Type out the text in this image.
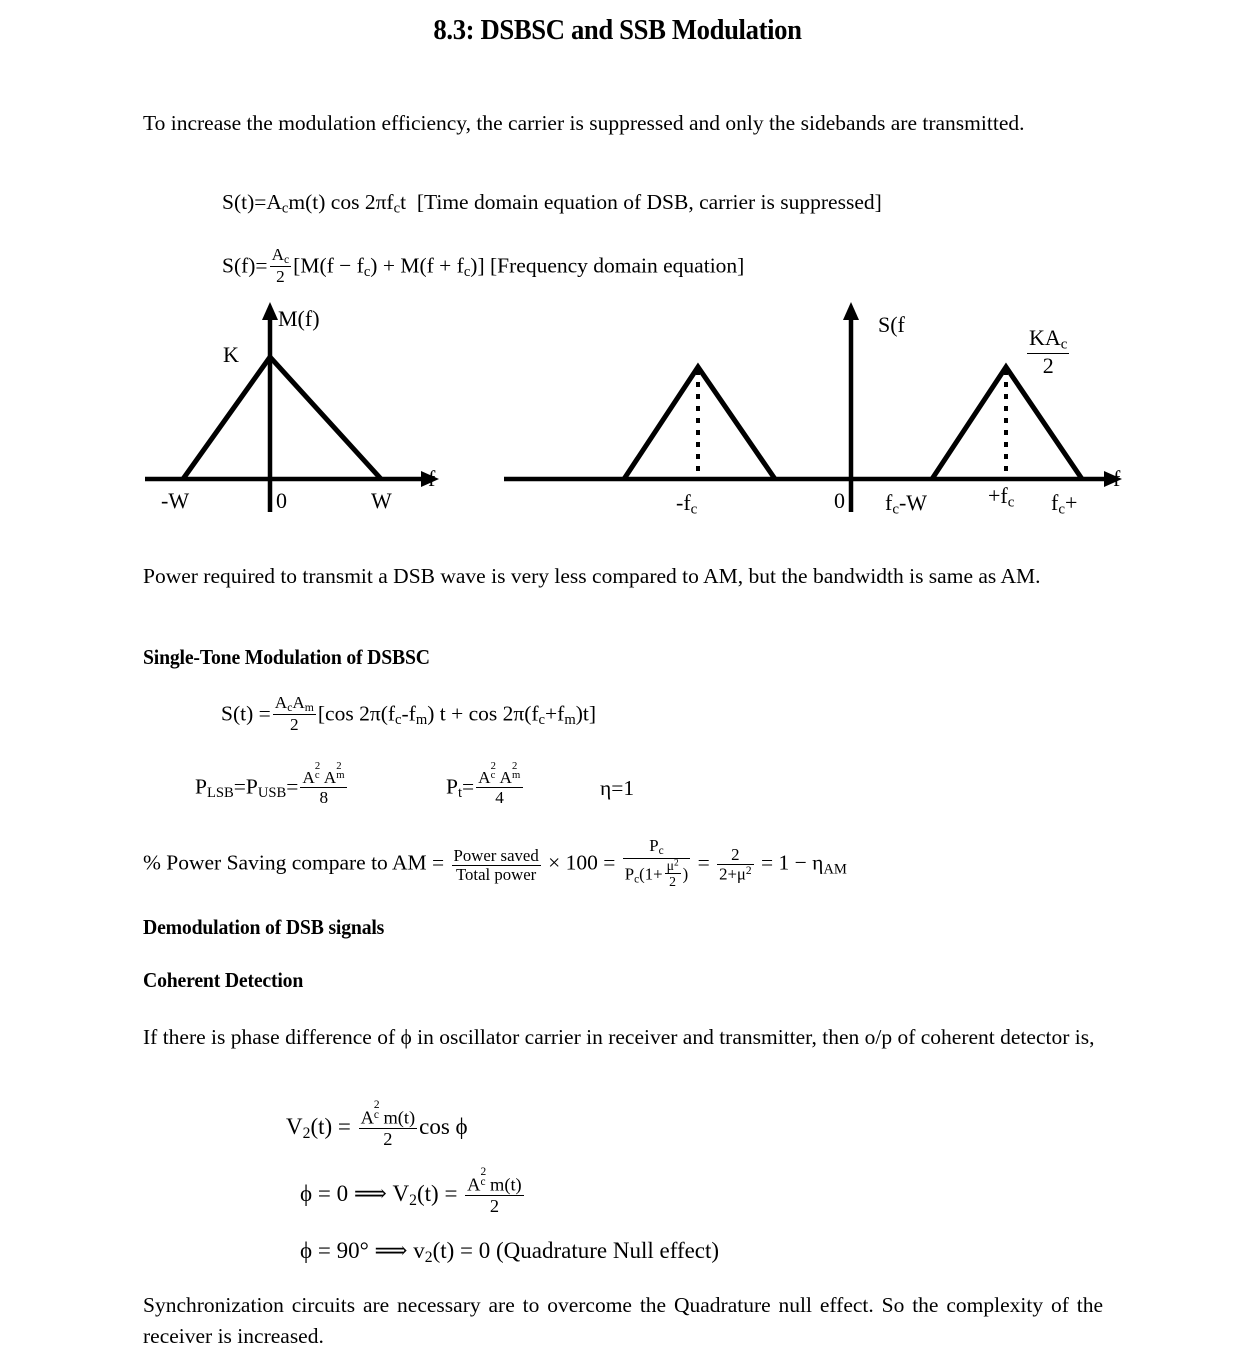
8.3: DSBSC and SSB Modulation

To increase the modulation efficiency, the carrier is suppressed and only the sidebands are transmitted.

$S(t)=A_cm(t)$ $\cos 2\pi f_ct$ [Time domain equation of DSB, carrier is suppressed]
$S(f)= \frac{A_c}{2} [M(f - f_c) + M(f + f_c)]$ [Frequency domain equation]
M(f)
f
K
-W	0	W
S(f
f
$\frac{KA_c}{2}$
$-f_c$	0 $f_c-W$	$+f_c$ $f_c+$

Power required to transmit a DSB wave is very less compared to AM, but the bandwidth is same as AM.

Single-Tone Modulation of DSBSC

$S(t) = \frac{A_cA_m}{2} [\cos$ $2\pi(f_c-f_m) t + \cos 2\pi(f_c+f_m)t$]
$P_{LSB}=P_{USB}= A$ c
2
A m
2
8	$P_t= A$ c
2
A m
2
4	η=1
% Power Saving compare to AM = $\frac{\text{Power saved}}{\text{Total power}} \times 100 = \frac{P_c}{P_c(1+ \frac{\mu^2}{2} )} = \frac{2}{2+\mu^2} = 1 - \eta_{AM}$

Demodulation of DSB signals

Coherent Detection

If there is phase difference of ϕ in oscillator carrier in receiver and transmitter, then o/p of coherent detector is,

$V_2(t) = A$ c
2
m(t)
2 cos ϕ
ϕ = 0 ⟹ $V_2(t) = A$ c
2
m(t)
2
ϕ = 90° ⟹ $v_2(t) = 0$ (Quadrature Null effect)

Synchronization circuits are necessary are to overcome the Quadrature null effect. So the complexity of the receiver is increased.
